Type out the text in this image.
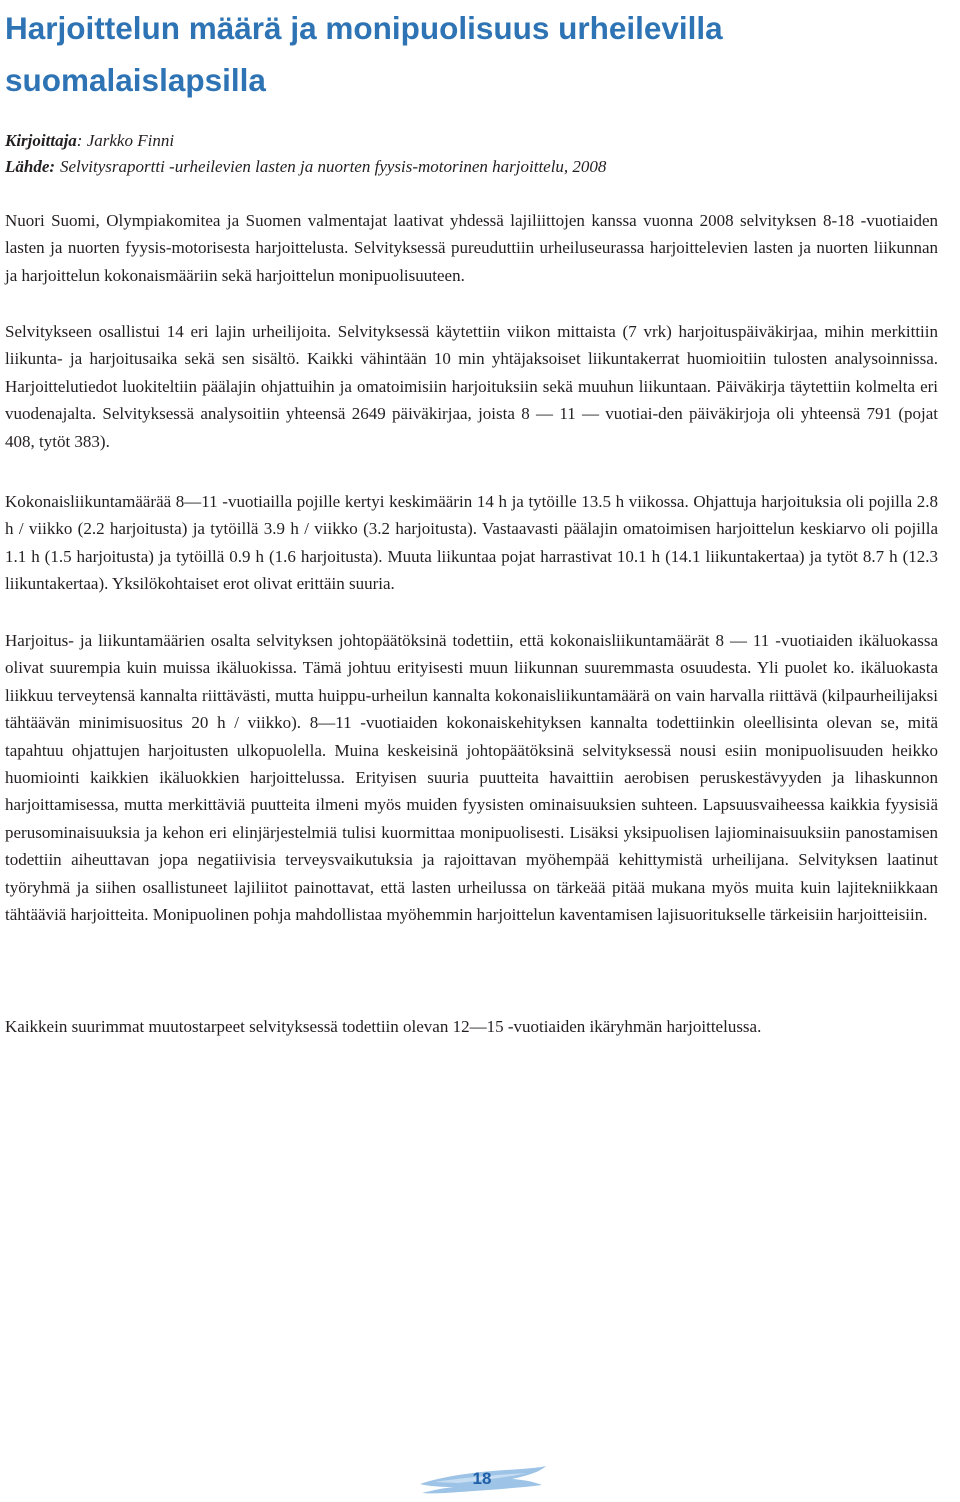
Harjoittelun määrä ja monipuolisuus urheilevilla suomalaislapsilla
Kirjoittaja: Jarkko Finni
Lähde: Selvitysraportti -urheilevien lasten ja nuorten fyysis-motorinen harjoittelu, 2008

Nuori Suomi, Olympiakomitea ja Suomen valmentajat laativat yhdessä lajiliittojen kanssa vuonna 2008 selvityksen 8-18 -vuotiaiden lasten ja nuorten fyysis-motorisesta harjoittelusta. Selvityksessä pureuduttiin urheiluseurassa harjoittelevien lasten ja nuorten liikunnan ja harjoittelun kokonaismääriin sekä harjoittelun monipuolisuuteen.

Selvitykseen osallistui 14 eri lajin urheilijoita. Selvityksessä käytettiin viikon mittaista (7 vrk) harjoituspäiväkirjaa, mihin merkittiin liikunta- ja harjoitusaika sekä sen sisältö. Kaikki vähintään 10 min yhtäjaksoiset liikuntakerrat huomioitiin tulosten analysoinnissa. Harjoittelutiedot luokiteltiin päälajin ohjattuihin ja omatoimisiin harjoituksiin sekä muuhun liikuntaan. Päiväkirja täytettiin kolmelta eri vuodenajalta. Selvityksessä analysoitiin yhteensä 2649 päiväkirjaa, joista 8 — 11 — vuotiai-den päiväkirjoja oli yhteensä 791 (pojat 408, tytöt 383).

Kokonaisliikuntamäärää 8—11 -vuotiailla pojille kertyi keskimäärin 14 h ja tytöille 13.5 h viikossa. Ohjattuja harjoituksia oli pojilla 2.8 h / viikko (2.2 harjoitusta) ja tytöillä 3.9 h / viikko (3.2 harjoitusta). Vastaavasti päälajin omatoimisen harjoittelun keskiarvo oli pojilla 1.1 h (1.5 harjoitusta) ja tytöillä 0.9 h (1.6 harjoitusta). Muuta liikuntaa pojat harrastivat 10.1 h (14.1 liikuntakertaa) ja tytöt 8.7 h (12.3 liikuntakertaa). Yksilökohtaiset erot olivat erittäin suuria.

Harjoitus- ja liikuntamäärien osalta selvityksen johtopäätöksinä todettiin, että kokonaisliikuntamäärät 8 — 11 -vuotiaiden ikäluokassa olivat suurempia kuin muissa ikäluokissa. Tämä johtuu erityisesti muun liikunnan suuremmasta osuudesta. Yli puolet ko. ikäluokasta liikkuu terveytensä kannalta riittävästi, mutta huippu-urheilun kannalta kokonaisliikuntamäärä on vain harvalla riittävä (kilpaurheilijaksi tähtäävän minimisuositus 20 h / viikko). 8—11 -vuotiaiden kokonaiskehityksen kannalta todettiinkin oleellisinta olevan se, mitä tapahtuu ohjattujen harjoitusten ulkopuolella. Muina keskeisinä johtopäätöksinä selvityksessä nousi esiin monipuolisuuden heikko huomiointi kaikkien ikäluokkien harjoittelussa. Erityisen suuria puutteita havaittiin aerobisen peruskestävyyden ja lihaskunnon harjoittamisessa, mutta merkittäviä puutteita ilmeni myös muiden fyysisten ominaisuuksien suhteen. Lapsuusvaiheessa kaikkia fyysisiä perusominaisuuksia ja kehon eri elinjärjestelmiä tulisi kuormittaa monipuolisesti. Lisäksi yksipuolisen lajiominaisuuksiin panostamisen todettiin aiheuttavan jopa negatiivisia terveysvaikutuksia ja rajoittavan myöhempää kehittymistä urheilijana. Selvityksen laatinut työryhmä ja siihen osallistuneet lajiliitot painottavat, että lasten urheilussa on tärkeää pitää mukana myös muita kuin lajitekniikkaan tähtääviä harjoitteita. Monipuolinen pohja mahdollistaa myöhemmin harjoittelun kaventamisen lajisuoritukselle tärkeisiin harjoitteisiin.

Kaikkein suurimmat muutostarpeet selvityksessä todettiin olevan 12—15 -vuotiaiden ikäryhmän harjoittelussa.

18
